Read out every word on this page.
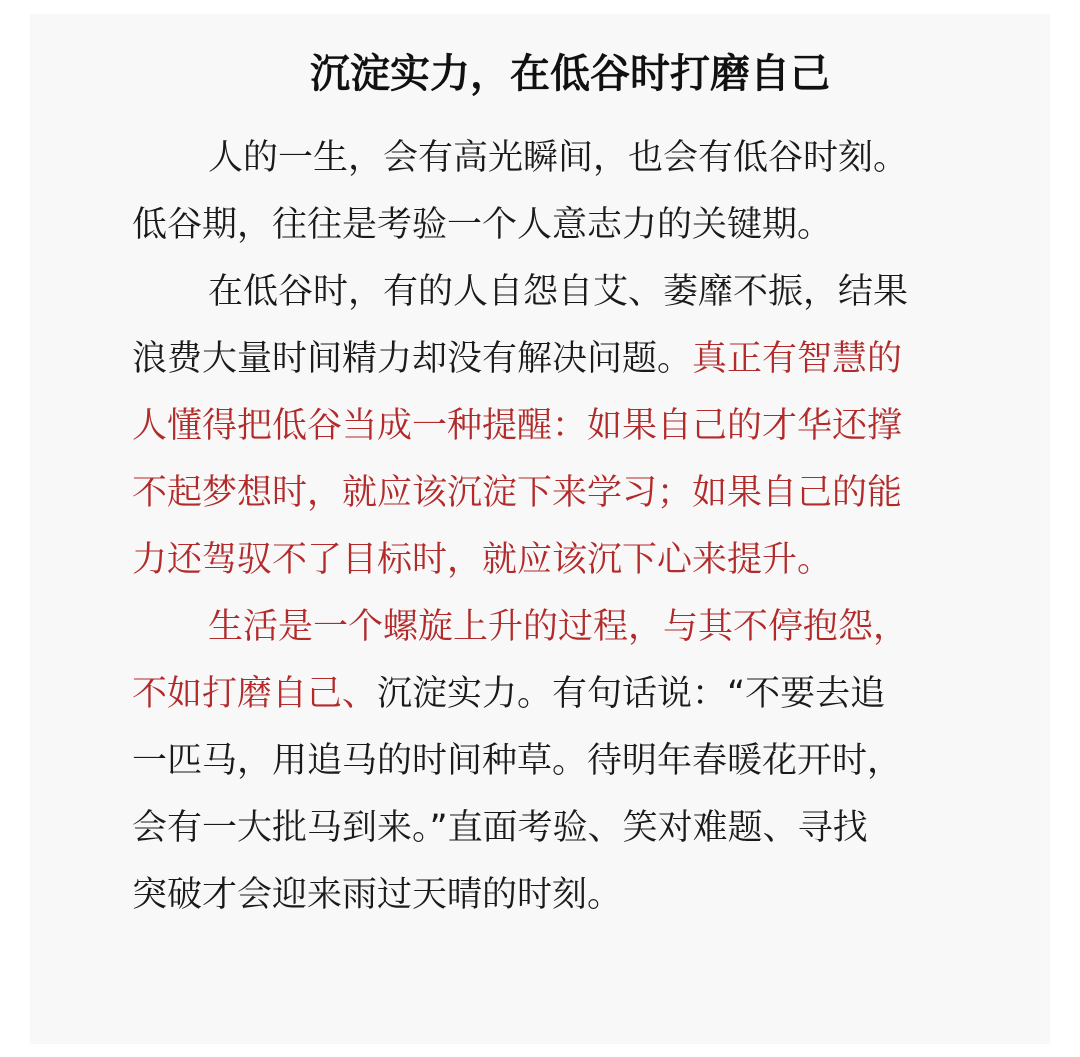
沉淀实力，在低谷时打磨自己

人的一生，会有高光瞬间，也会有低谷时刻。

低谷期，往往是考验一个人意志力的关键期。

在低谷时，有的人自怨自艾、萎靡不振，结果

浪费大量时间精力却没有解决问题。真正有智慧的

人懂得把低谷当成一种提醒：如果自己的才华还撑

不起梦想时，就应该沉淀下来学习；如果自己的能

力还驾驭不了目标时，就应该沉下心来提升。

生活是一个螺旋上升的过程，与其不停抱怨，

不如打磨自己、沉淀实力。有句话说：“不要去追

一匹马，用追马的时间种草。待明年春暖花开时，

会有一大批马到来。”直面考验、笑对难题、寻找

突破才会迎来雨过天晴的时刻。
